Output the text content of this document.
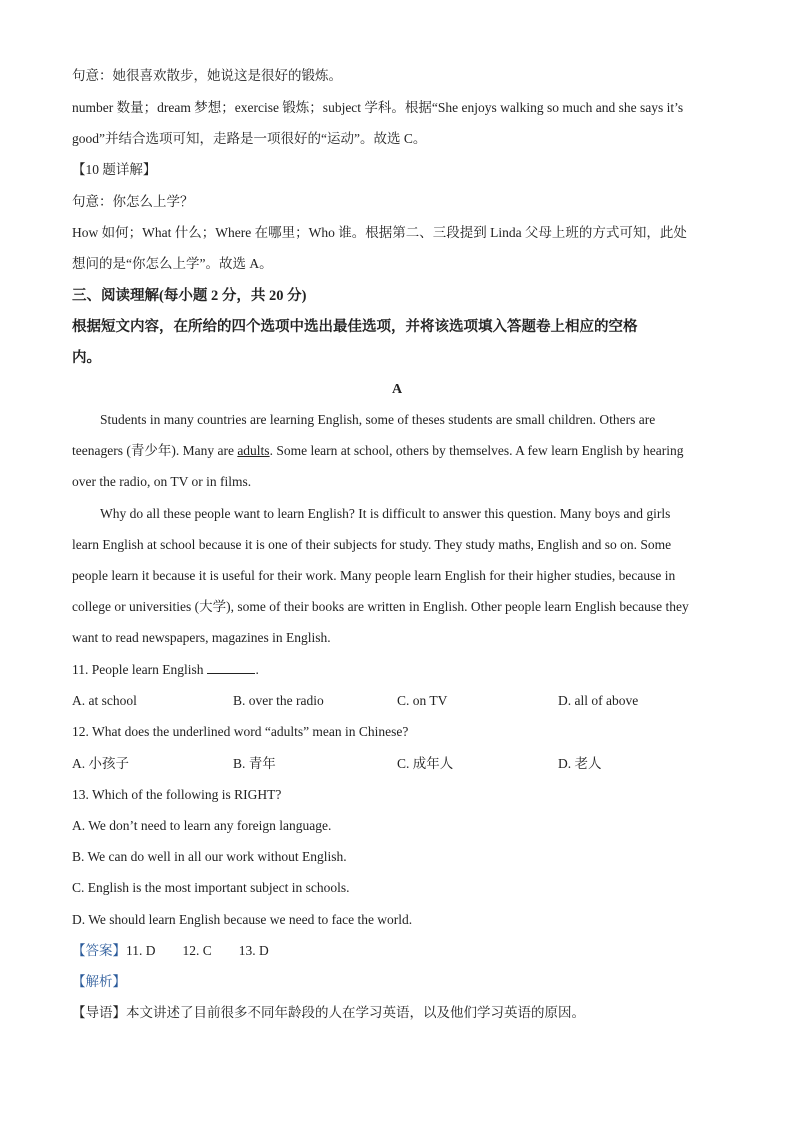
句意：她很喜欢散步，她说这是很好的锻炼。
number 数量；dream 梦想；exercise 锻炼；subject 学科。根据“She enjoys walking so much and she says it’s
good”并结合选项可知，走路是一项很好的“运动”。故选 C。
【10 题详解】
句意：你怎么上学？
How 如何；What 什么；Where 在哪里；Who 谁。根据第二、三段提到 Linda 父母上班的方式可知，此处
想问的是“你怎么上学”。故选 A。
三、阅读理解(每小题 2 分，共 20 分)
根据短文内容，在所给的四个选项中选出最佳选项，并将该选项填入答题卷上相应的空格
内。
A
Students in many countries are learning English, some of theses students are small children. Others are
teenagers (青少年). Many are adults. Some learn at school, others by themselves. A few learn English by hearing
over the radio, on TV or in films.
Why do all these people want to learn English? It is difficult to answer this question. Many boys and girls
learn English at school because it is one of their subjects for study. They study maths, English and so on. Some
people learn it because it is useful for their work. Many people learn English for their higher studies, because in
college or universities (大学), some of their books are written in English. Other people learn English because they
want to read newspapers, magazines in English.
11. People learn English	.
A. at school	B. over the radio	C. on TV	D. all of above
12. What does the underlined word “adults” mean in Chinese?
A. 小孩子	B. 青年	C. 成年人	D. 老人
13. Which of the following is RIGHT?
A. We don’t need to learn any foreign language.
B. We can do well in all our work without English.
C. English is the most important subject in schools.
D. We should learn English because we need to face the world.
【答案】11. D        12. C        13. D
【解析】
【导语】本文讲述了目前很多不同年龄段的人在学习英语，以及他们学习英语的原因。
